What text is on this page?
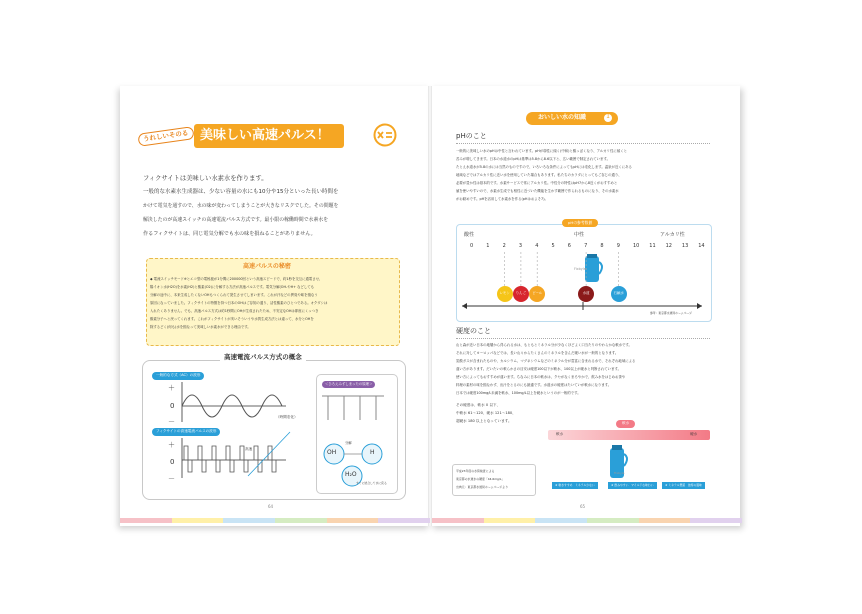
うれしいそのる 美味しい高速パルス！
フィクサイトは美味しい水素水を作ります。
一般的な水素水生成器は、少ない容量の水にも10分や15分といった長い時間を
かけて電気を通すので、水の味が変わってしまうことが大きなリスクでした。その問題を
解決したのが高速スイッチの高速電流パルス方式です。最小限の稼働時間で水素水を
作るフィクサイトは、同じ電気分解でも水の味を損ねることがありません。
高速パルスの秘密
◆ 電流スイッチモード※とエコ型の電極板が1分間に200000回という高速スピードで、約1秒を交互に通電させ、
陽イオン水(H2O)を水素(H2)と酸素(O2)に分解する方法が高速パルスです。電気分解(OH-やH+ などしても
分解の途中に、本来生成したくないOHもつくられて発生させてしまいます。これが汗などの異臭や味を損なう
原因になっていました。フィクサイトの特徴を持つ日本のOHはご存知の通り、活性酸素のひとつである。オクダシは
入れたくありません。でも、高速パルス方式は約1秒間にOHが生成されたため、不安定なOHは即座にくっつき
酸素分子へと戻ってくれます。これがフィクサイトが実いそういうや水質生成方法とは違って、水分とOHを
除するどく(何も)水を損なって美味しい水素水ができる理由です。
高速電流パルス方式の概念
一般的な方式（AC）の波形
フィクサイトの高速電流パルスの波形
＋
0
－
＋
0
－
（時間変化）
高速
＜ひろえみずしまったの原理＞
OH	H
H₂O
分解
すぐに結合して水に戻る
64
おいしい水の知識	1
pHのこと
一般的に美味しい水のpHは中性と言われています。pHが弱性に傾く(中和)と酸っぱくなり、アルカリ性に傾くと
苦みが増してきます。日本の水道水のpHは基準は5.8から8.6以下と、広い範囲で制定されています。
たとえ水道水が5.8の水には当然のものですので、いろいろな条件によってもpHには変化します。温泉が近くにある
地域などではアルカリ性に近い水を使用していた場合もあります。私たちのカラダにとってもご存じの通り、
必要が豊か性は基本的です。水素サービスで常にアルカリ性。中性分の特性はpH7から8近くがおすすめと
値を使いやすいので、水素水生成でも相性に近づいた機能を生かす範囲で作られるものになり、その水素水
がお勧めです。pHを活用して水素水を作る(pHはおよそ7)。
pHの参考数値
酸性	中性	アルカリ性
0	1	2	3	4	5	6	7	8	9	10 11 12 13 14
レモン	りんご	ビール	水道	石鹸水
Fixbyle
参考：東京都水道局ホームページ
硬度のこと
山と森が近い日本の地層から得られる水は、もともとミネラル分が少なくほどよく口当たりのやわらかな軟水です。
それに対してヨーロッパなどでは、長い山々からたくさんのミネラルを含んだ硬い水が一般的となります。
炭酸ガスが含まれたものや、カルシウム、マグネシウムなどのミネラル分が豊富に含まれる水で、それぞれ地域による
違い方があります。だいたいの軟らかさの目安は硬度100以下が軟水、100以上が硬水と判断されています。
使い方によってもおすすめが違います。ちなみに日本の軟水は、クセがなくまろやかで、飲み水をはじめお茶や
料理の素材の味を損なわず、出汁をとるのにも最適です。水道水の硬度はたいていが軟水になります。
日本では硬度100mg/L未満を軟水、100mg/L以上を硬水というのが一般的です。
その硬度は、軟水 0 以下、
中軟水 61～120、硬水 121～180、
超硬水 180 以上となっています。
平成23年度の水質検査による
東京都の水道水の硬度「44.6mg/L」
出典元：東京都水道局ホームページより
軟水
軟水	硬水
Fixbyle
★ 軟水すすめ　ミネラル少ない	★ 飲みやすい　マイルドな味わい	★ ミネラル豊富　独特の風味
65
